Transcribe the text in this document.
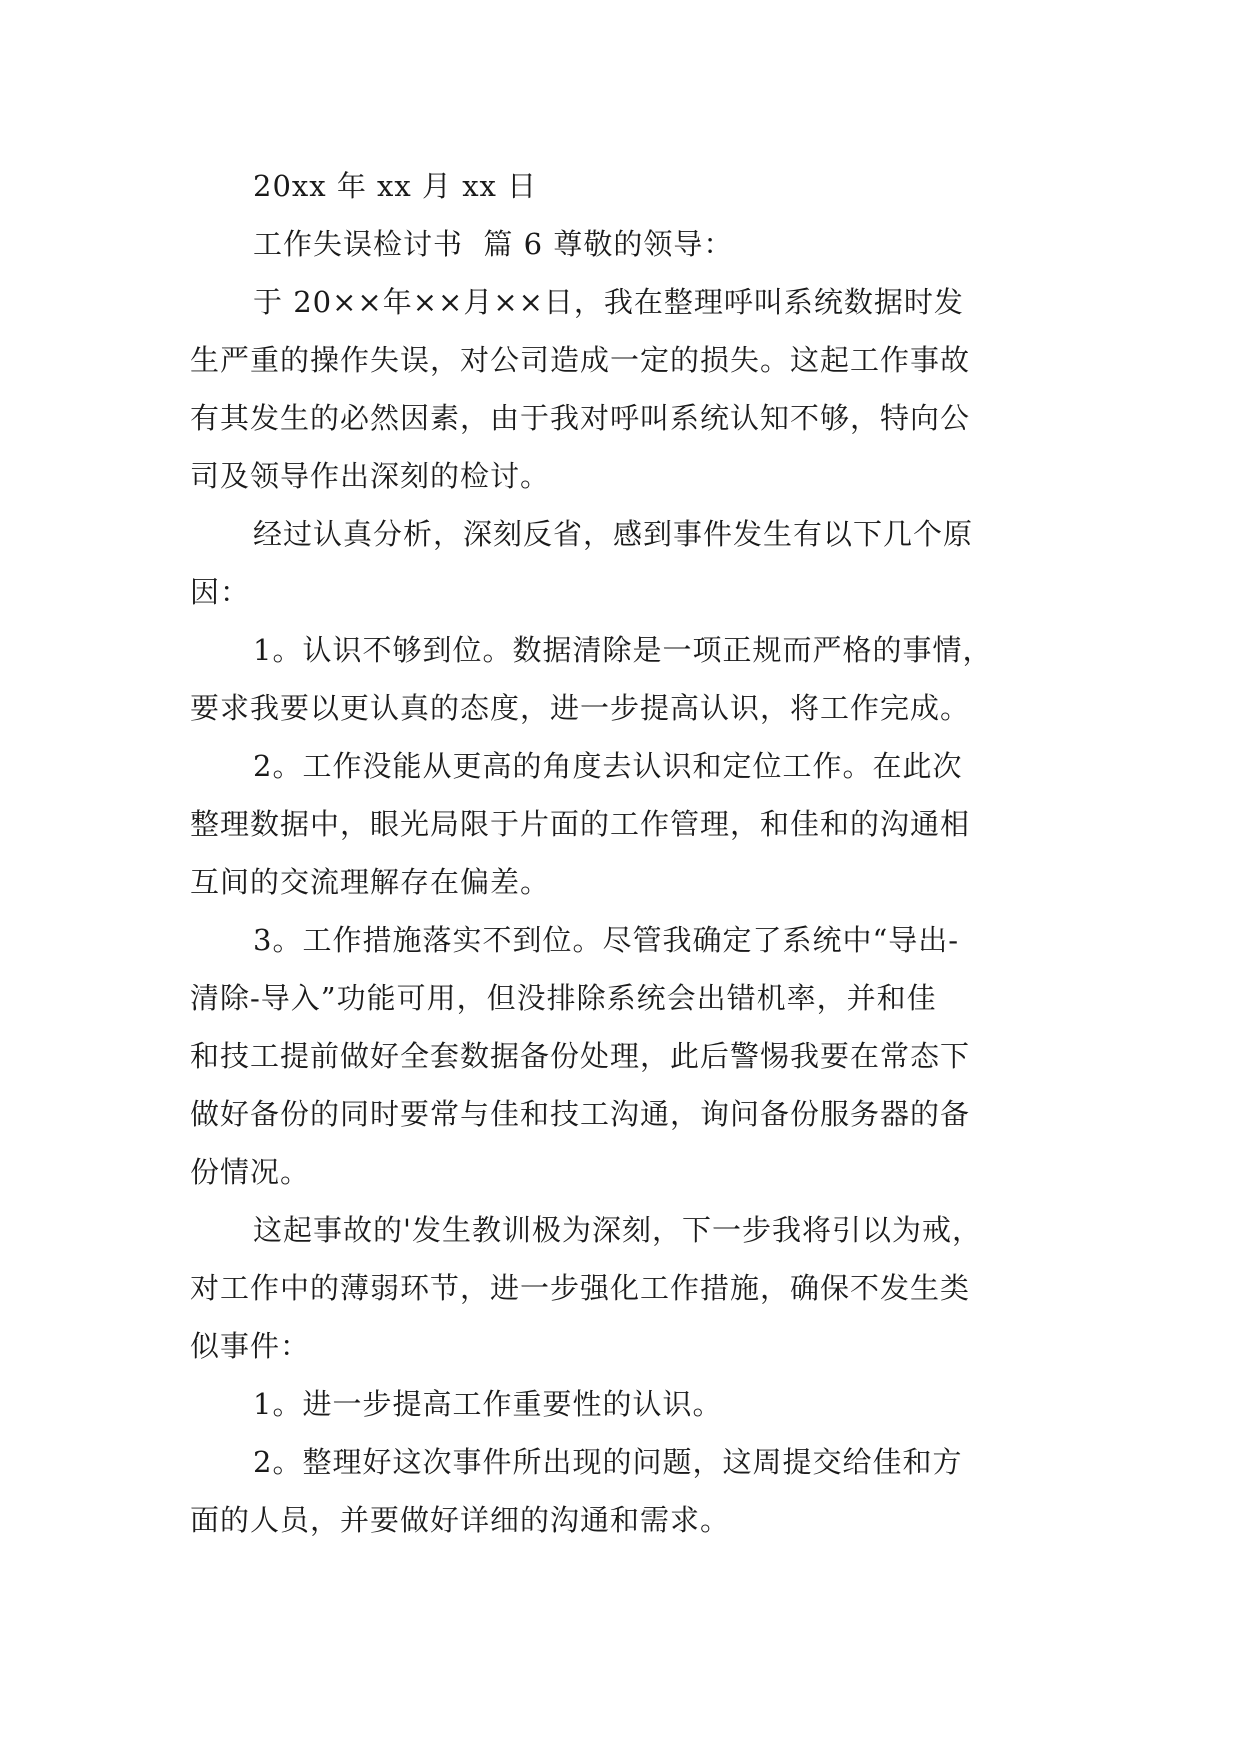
20xx 年 xx 月 xx 日

工作失误检讨书  篇 6 尊敬的领导：

于 20××年××月××日，我在整理呼叫系统数据时发

生严重的操作失误，对公司造成一定的损失。这起工作事故

有其发生的必然因素，由于我对呼叫系统认知不够，特向公

司及领导作出深刻的检讨。

经过认真分析，深刻反省，感到事件发生有以下几个原

因：

1。认识不够到位。数据清除是一项正规而严格的事情，

要求我要以更认真的态度，进一步提高认识，将工作完成。

2。工作没能从更高的角度去认识和定位工作。在此次

整理数据中，眼光局限于片面的工作管理，和佳和的沟通相

互间的交流理解存在偏差。

3。工作措施落实不到位。尽管我确定了系统中“导出-

清除-导入”功能可用，但没排除系统会出错机率，并和佳

和技工提前做好全套数据备份处理，此后警惕我要在常态下

做好备份的同时要常与佳和技工沟通，询问备份服务器的备

份情况。

这起事故的'发生教训极为深刻，下一步我将引以为戒，

对工作中的薄弱环节，进一步强化工作措施，确保不发生类

似事件：

1。进一步提高工作重要性的认识。

2。整理好这次事件所出现的问题，这周提交给佳和方

面的人员，并要做好详细的沟通和需求。
